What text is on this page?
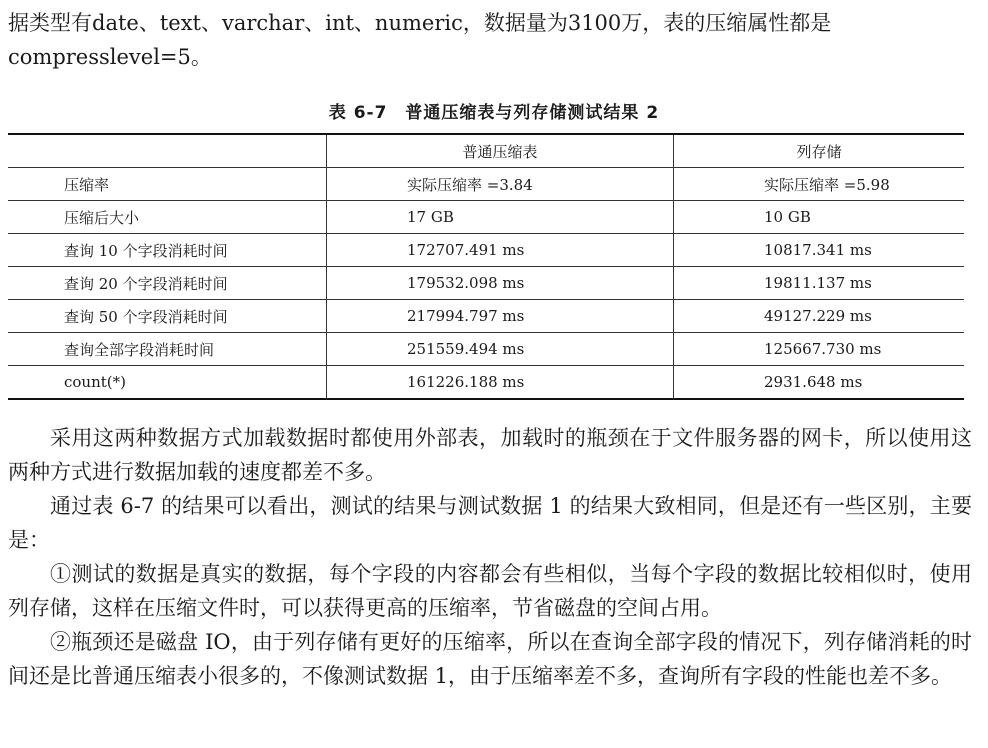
据类型有date、text、varchar、int、numeric，数据量为3100万，表的压缩属性都是
compresslevel=5。

表 6-7　普通压缩表与列存储测试结果 2
	普通压缩表	列存储
压缩率	实际压缩率 =3.84	实际压缩率 =5.98
压缩后大小	17 GB	10 GB
查询 10 个字段消耗时间	172707.491 ms	10817.341 ms
查询 20 个字段消耗时间	179532.098 ms	19811.137 ms
查询 50 个字段消耗时间	217994.797 ms	49127.229 ms
查询全部字段消耗时间	251559.494 ms	125667.730 ms
count(*)	161226.188 ms	2931.648 ms

采用这两种数据方式加载数据时都使用外部表，加载时的瓶颈在于文件服务器的网卡，所以使用这两种方式进行数据加载的速度都差不多。

通过表 6-7 的结果可以看出，测试的结果与测试数据 1 的结果大致相同，但是还有一些区别，主要是：

①测试的数据是真实的数据，每个字段的内容都会有些相似，当每个字段的数据比较相似时，使用列存储，这样在压缩文件时，可以获得更高的压缩率，节省磁盘的空间占用。

②瓶颈还是磁盘 IO，由于列存储有更好的压缩率，所以在查询全部字段的情况下，列存储消耗的时间还是比普通压缩表小很多的，不像测试数据 1，由于压缩率差不多，查询所有字段的性能也差不多。
